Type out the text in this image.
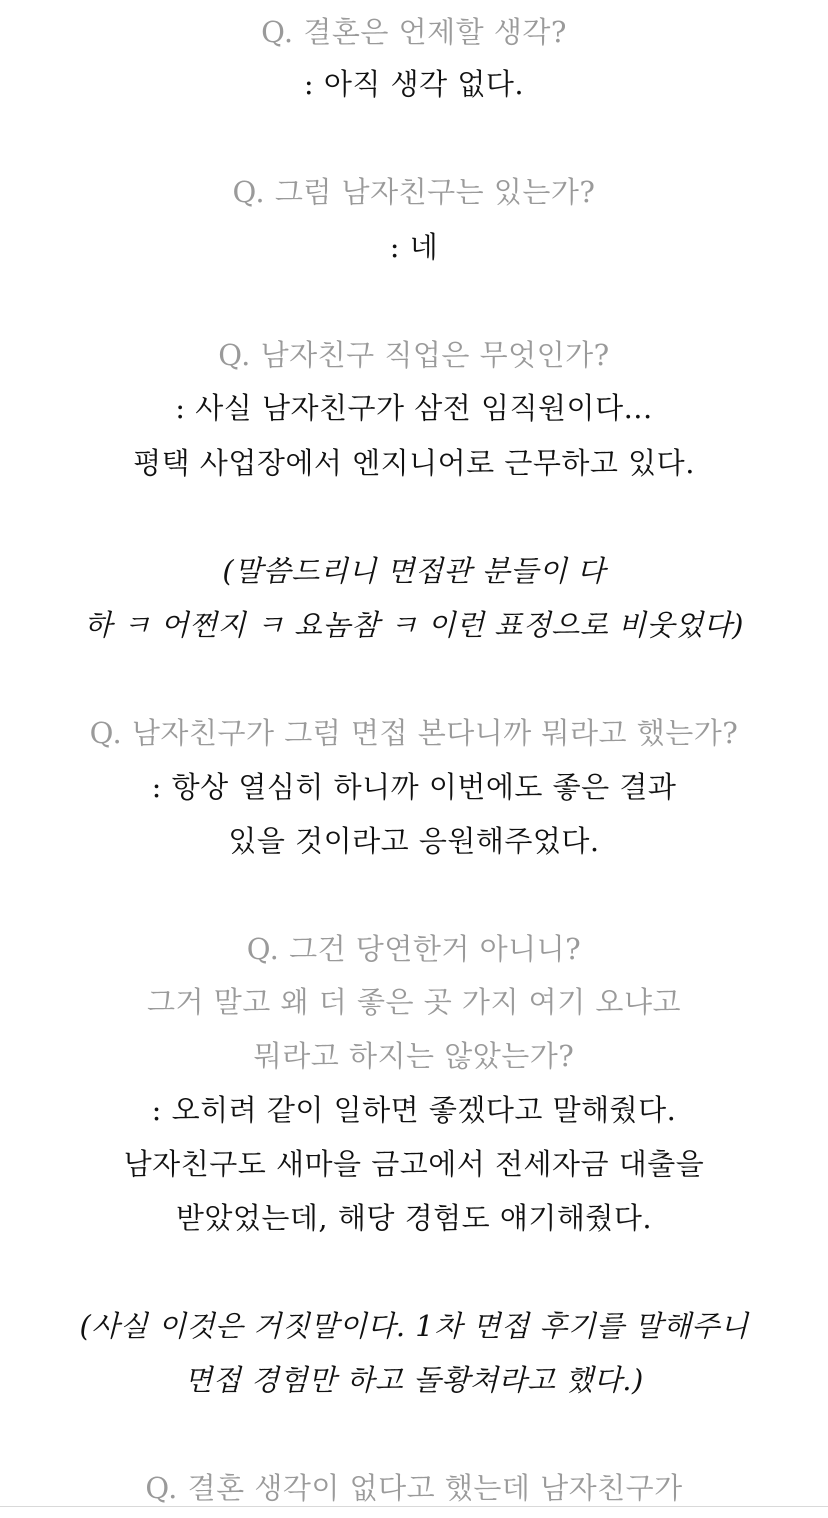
Q. 결혼은 언제할 생각?
: 아직 생각 없다.
Q. 그럼 남자친구는 있는가?
: 네
Q. 남자친구 직업은 무엇인가?
: 사실 남자친구가 삼전 임직원이다...
평택 사업장에서 엔지니어로 근무하고 있다.
(말씀드리니 면접관 분들이 다
하 ㅋ 어쩐지 ㅋ 요놈참 ㅋ 이런 표정으로 비웃었다)
Q. 남자친구가 그럼 면접 본다니까 뭐라고 했는가?
: 항상 열심히 하니까 이번에도 좋은 결과
있을 것이라고 응원해주었다.
Q. 그건 당연한거 아니니?
그거 말고 왜 더 좋은 곳 가지 여기 오냐고
뭐라고 하지는 않았는가?
: 오히려 같이 일하면 좋겠다고 말해줬다.
남자친구도 새마을 금고에서 전세자금 대출을
받았었는데, 해당 경험도 얘기해줬다.
(사실 이것은 거짓말이다. 1차 면접 후기를 말해주니
면접 경험만 하고 돌황쳐라고 했다.)
Q. 결혼 생각이 없다고 했는데 남자친구가
